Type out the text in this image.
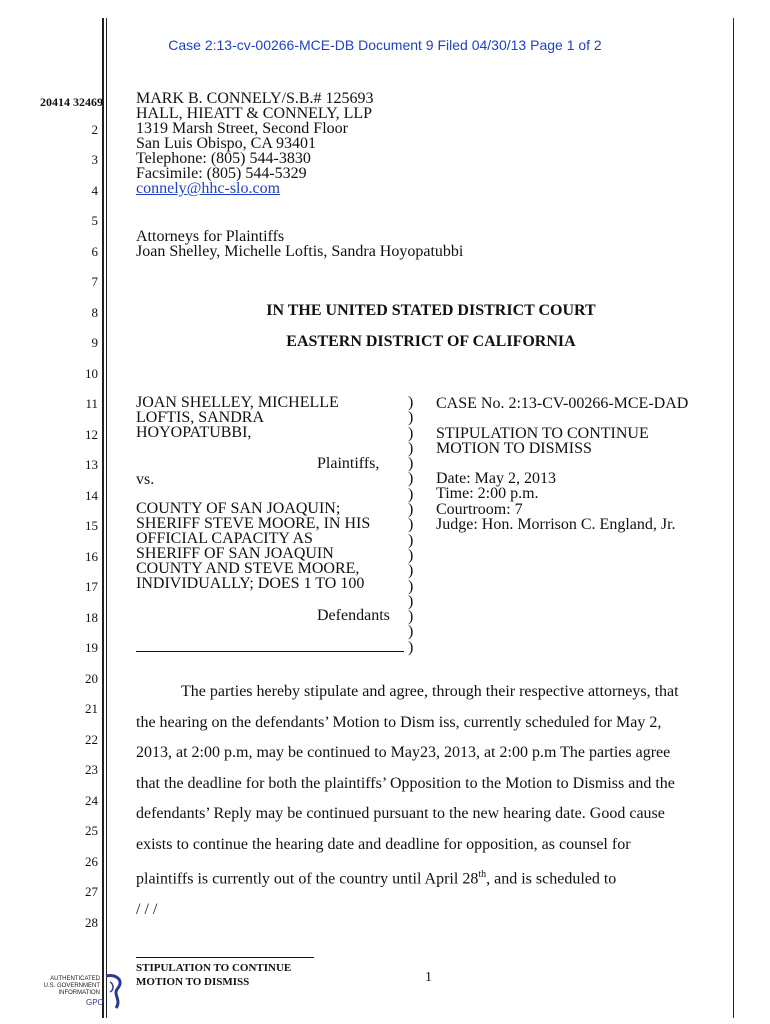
Case 2:13-cv-00266-MCE-DB Document 9 Filed 04/30/13 Page 1 of 2
20414 32469
2
3
4
5
6
7
8
9
10
11
12
13
14
15
16
17
18
19
20
21
22
23
24
25
26
27
28
MARK B. CONNELY/S.B.# 125693
HALL, HIEATT & CONNELY, LLP
1319 Marsh Street, Second Floor
San Luis Obispo, CA 93401
Telephone: (805) 544-3830
Facsimile: (805) 544-5329
connely@hhc-slo.com
Attorneys for Plaintiffs
Joan Shelley, Michelle Loftis, Sandra Hoyopatubbi
IN THE UNITED STATED DISTRICT COURT
EASTERN DISTRICT OF CALIFORNIA
JOAN SHELLEY, MICHELLE
LOFTIS, SANDRA
HOYOPATUBBI,
Plaintiffs,
vs.
COUNTY OF SAN JOAQUIN;
SHERIFF STEVE MOORE, IN HIS
OFFICIAL CAPACITY AS
SHERIFF OF SAN JOAQUIN
COUNTY AND STEVE MOORE,
INDIVIDUALLY; DOES 1 TO 100
Defendants
)
)
)
)
)
)
)
)
)
)
)
)
)
)
)
)
)
CASE No. 2:13-CV-00266-MCE-DAD
STIPULATION TO CONTINUE
MOTION TO DISMISS
Date: May 2, 2013
Time: 2:00 p.m.
Courtroom: 7
Judge: Hon. Morrison C. England, Jr.
The parties hereby stipulate and agree, through their respective attorneys, that
the hearing on the defendants’ Motion to Dism iss, currently scheduled for May 2,
2013, at 2:00 p.m, may be continued to May23, 2013, at 2:00 p.m The parties agree
that the deadline for both the plaintiffs’ Opposition to the Motion to Dismiss and the
defendants’ Reply may be continued pursuant to the new hearing date. Good cause
exists to continue the hearing date and deadline for opposition, as counsel for
plaintiffs is currently out of the country until April 28th, and is scheduled to
/ / /
STIPULATION TO CONTINUE
MOTION TO DISMISS	1
AUTHENTICATED
U.S. GOVERNMENT
INFORMATION
GPO
